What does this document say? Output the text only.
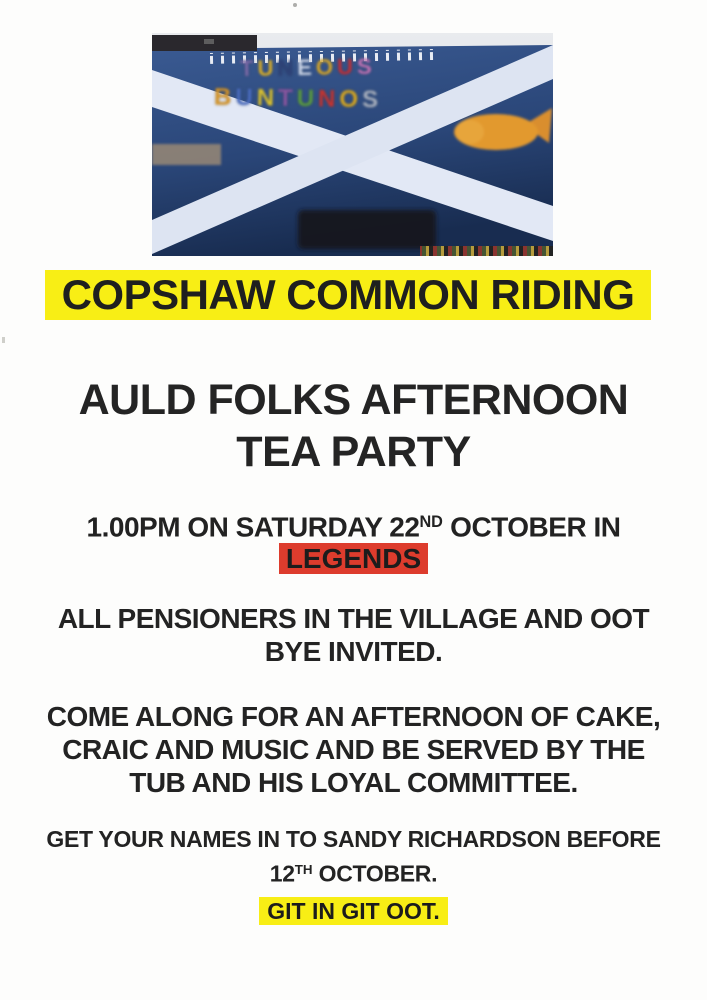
T U N E O U S
B U N T U N O S
COPSHAW COMMON RIDING
AULD FOLKS AFTERNOON
TEA PARTY
1.00PM ON SATURDAY 22ND OCTOBER IN
LEGENDS
ALL PENSIONERS IN THE VILLAGE AND OOT
BYE INVITED.
COME ALONG FOR AN AFTERNOON OF CAKE,
CRAIC AND MUSIC AND BE SERVED BY THE
TUB AND HIS LOYAL COMMITTEE.
GET YOUR NAMES IN TO SANDY RICHARDSON BEFORE
12TH OCTOBER.
GIT IN GIT OOT.
